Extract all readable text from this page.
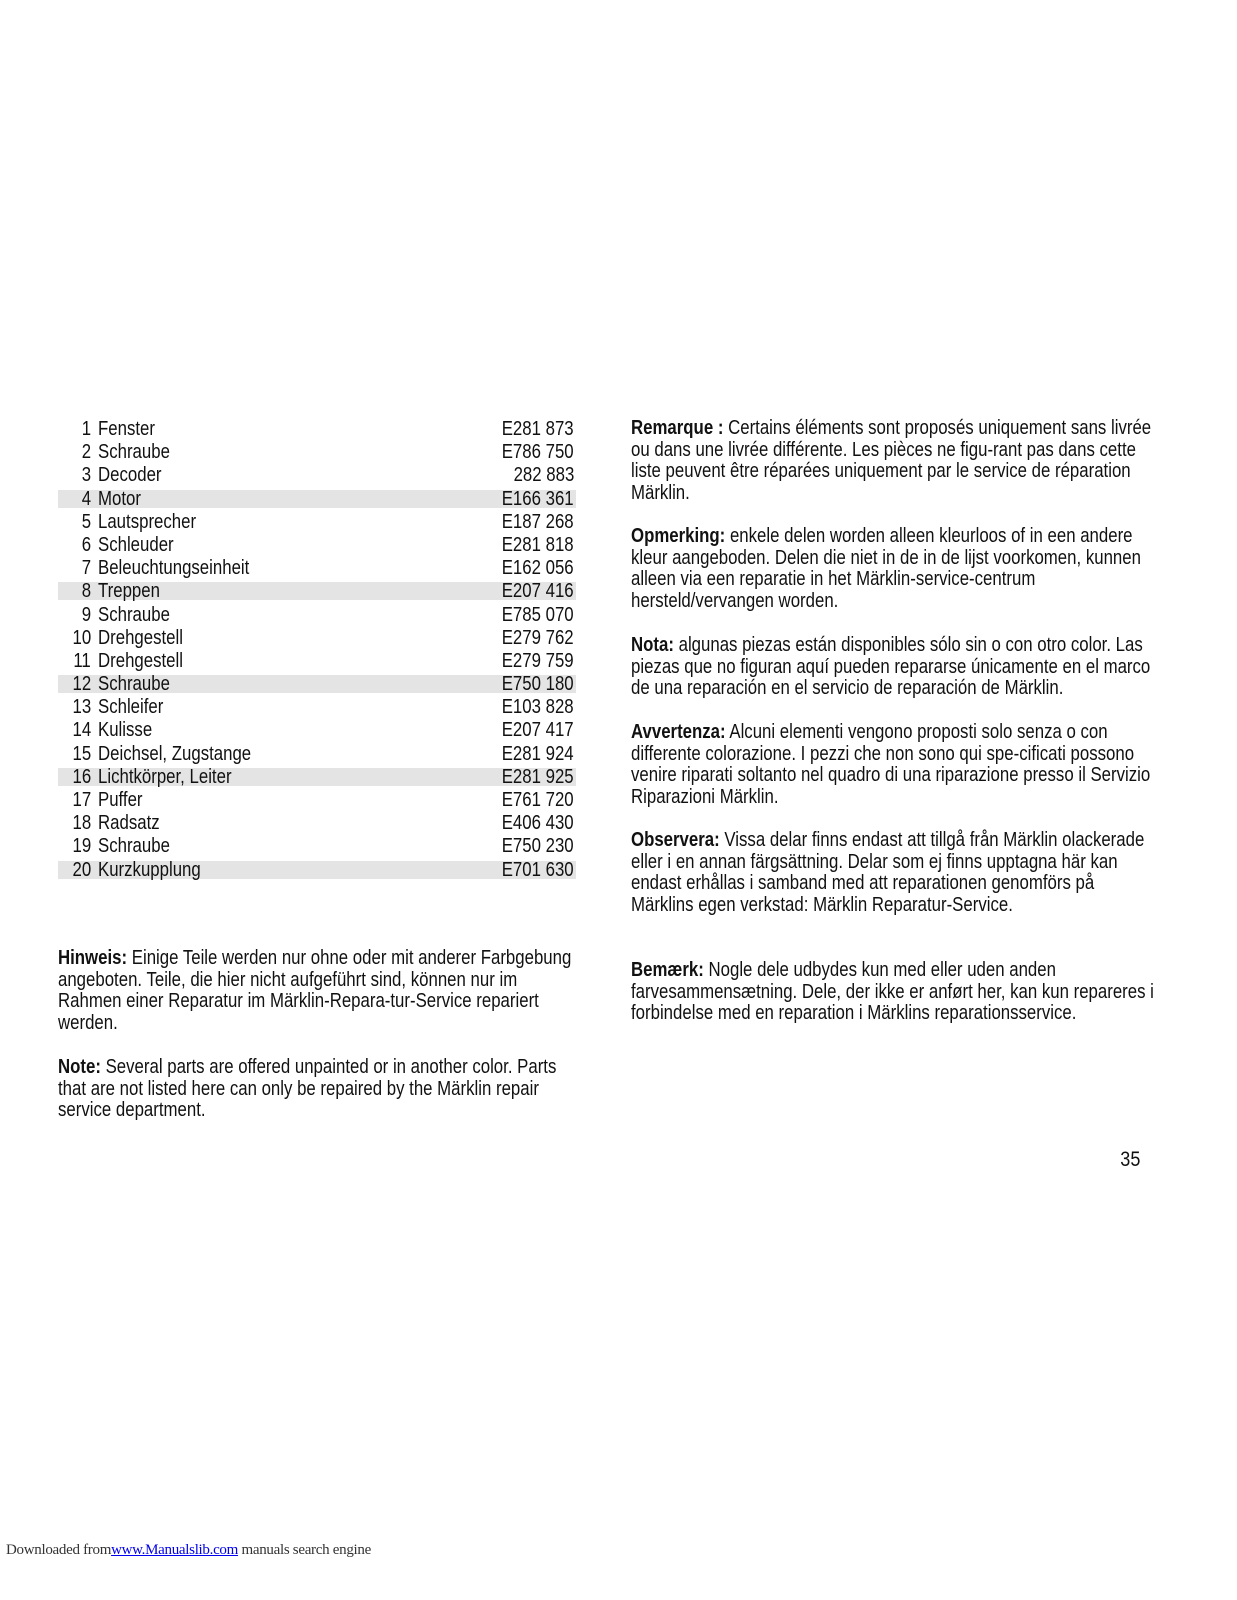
1 Fenster	E281 873
2 Schraube	E786 750
3 Decoder	282 883
4 Motor	E166 361
5 Lautsprecher	E187 268
6 Schleuder	E281 818
7 Beleuchtungseinheit	E162 056
8 Treppen	E207 416
9 Schraube	E785 070
10 Drehgestell	E279 762
11 Drehgestell	E279 759
12 Schraube	E750 180
13 Schleifer	E103 828
14 Kulisse	E207 417
15 Deichsel, Zugstange	E281 924
16 Lichtkörper, Leiter	E281 925
17 Puffer	E761 720
18 Radsatz	E406 430
19 Schraube	E750 230
20 Kurzkupplung	E701 630

Hinweis: Einige Teile werden nur ohne oder mit anderer Farbgebung angeboten. Teile, die hier nicht aufgeführt sind, können nur im Rahmen einer Reparatur im Märklin-Repara-tur-Service repariert werden.

Note: Several parts are offered unpainted or in another color. Parts that are not listed here can only be repaired by the Märklin repair service department.

Remarque : Certains éléments sont proposés uniquement sans livrée ou dans une livrée différente. Les pièces ne figu-rant pas dans cette liste peuvent être réparées uniquement par le service de réparation Märklin.

Opmerking: enkele delen worden alleen kleurloos of in een andere kleur aangeboden. Delen die niet in de in de lijst voorkomen, kunnen alleen via een reparatie in het Märklin-service-centrum hersteld/vervangen worden.

Nota: algunas piezas están disponibles sólo sin o con otro color. Las piezas que no figuran aquí pueden repararse únicamente en el marco de una reparación en el servicio de reparación de Märklin.

Avvertenza: Alcuni elementi vengono proposti solo senza o con differente colorazione. I pezzi che non sono qui spe-cificati possono venire riparati soltanto nel quadro di una riparazione presso il Servizio Riparazioni Märklin.

Observera: Vissa delar finns endast att tillgå från Märklin olackerade eller i en annan färgsättning. Delar som ej finns upptagna här kan endast erhållas i samband med att reparationen genomförs på Märklins egen verkstad: Märklin Reparatur-Service.

Bemærk: Nogle dele udbydes kun med eller uden anden farvesammensætning. Dele, der ikke er anført her, kan kun repareres i forbindelse med en reparation i Märklins reparationsservice.

35
Downloaded fromwww.Manualslib.com manuals search engine
